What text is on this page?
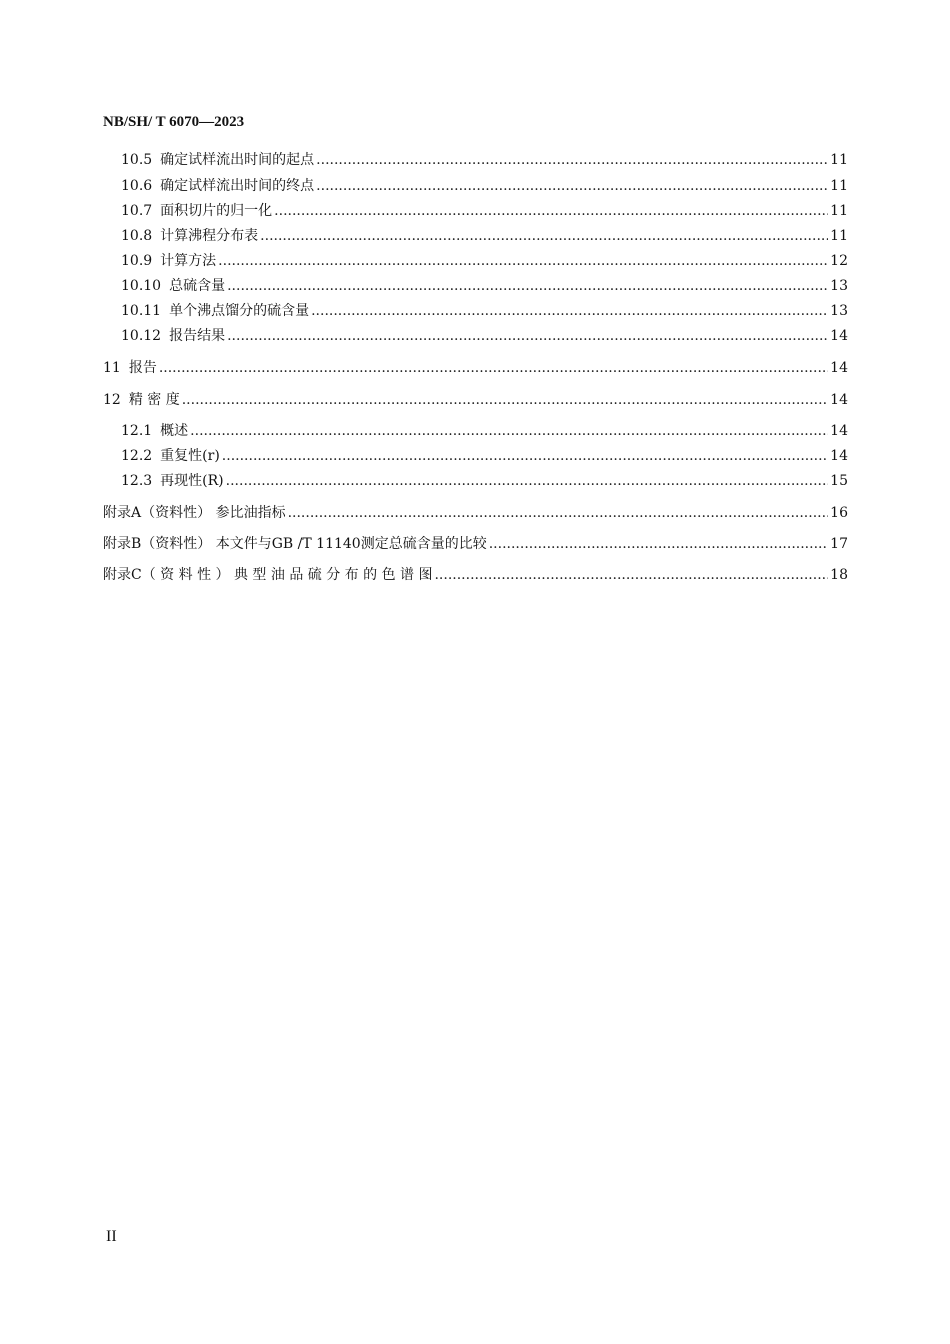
NB/SH/ T 6070—2023
10.5 确定试样流出时间的起点 .....	11
10.6 确定试样流出时间的终点 .....	11
10.7 面积切片的归一化 .....	11
10.8 计算沸程分布表 .....	11
10.9 计算方法 .....	12
10.10 总硫含量 .....	13
10.11 单个沸点馏分的硫含量 .....	13
10.12 报告结果 .....	14
11 报告 .....	14
12 精 密 度 .....	14
12.1 概述 .....	14
12.2 重复性(r) .....	14
12.3 再现性(R) .....	15
附录A （资料性） 参比油指标 .....	16
附录B （资料性） 本文件与GB /T 11140测定总硫含量的比较 .....	17
附录C （ 资 料 性 ） 典 型 油 品 硫 分 布 的 色 谱 图 .....	18
II
